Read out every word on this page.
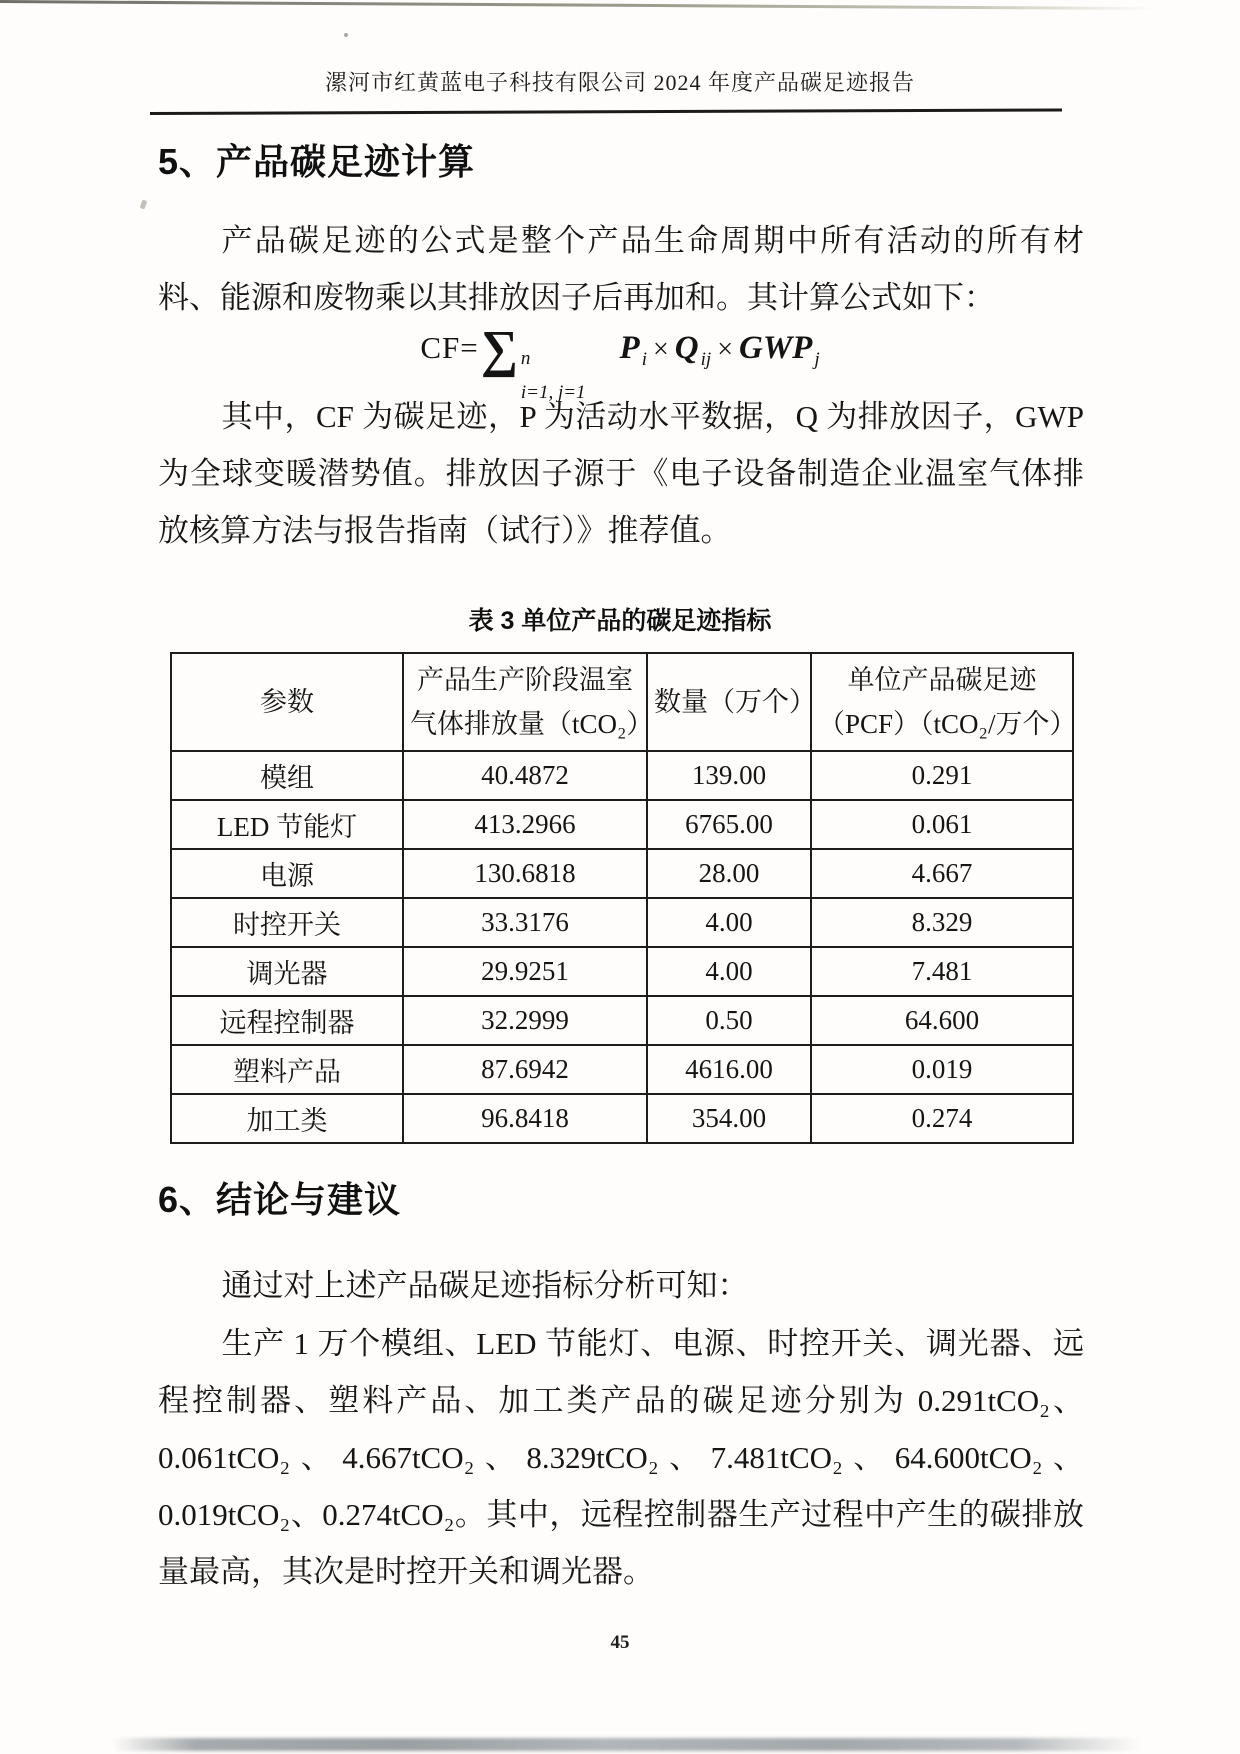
漯河市红黄蓝电子科技有限公司 2024 年度产品碳足迹报告
5、产品碳足迹计算
产品碳足迹的公式是整个产品生命周期中所有活动的所有材料、能源和废物乘以其排放因子后再加和。其计算公式如下：
CF=∑ n
i=1, j=1
P $_i$ × Q $_{ij}$ × GWP $_j$
其中，CF 为碳足迹，P 为活动水平数据，Q 为排放因子，GWP 为全球变暖潜势值。排放因子源于《电子设备制造企业温室气体排放核算方法与报告指南（试行）》推荐值。
表 3 单位产品的碳足迹指标
参数	产品生产阶段温室气体排放量（tCO₂）	数量（万个）	单位产品碳足迹（PCF）（tCO₂/万个）
模组	40.4872	139.00	0.291
LED 节能灯	413.2966	6765.00	0.061
电源	130.6818	28.00	4.667
时控开关	33.3176	4.00	8.329
调光器	29.9251	4.00	7.481
远程控制器	32.2999	0.50	64.600
塑料产品	87.6942	4616.00	0.019
加工类	96.8418	354.00	0.274
6、结论与建议
通过对上述产品碳足迹指标分析可知：
生产 1 万个模组、LED 节能灯、电源、时控开关、调光器、远程控制器、塑料产品、加工类产品的碳足迹分别为 0.291tCO₂、0.061tCO₂、4.667tCO₂、8.329tCO₂、7.481tCO₂、64.600tCO₂、0.019tCO₂、0.274tCO₂。其中，远程控制器生产过程中产生的碳排放量最高，其次是时控开关和调光器。
45
